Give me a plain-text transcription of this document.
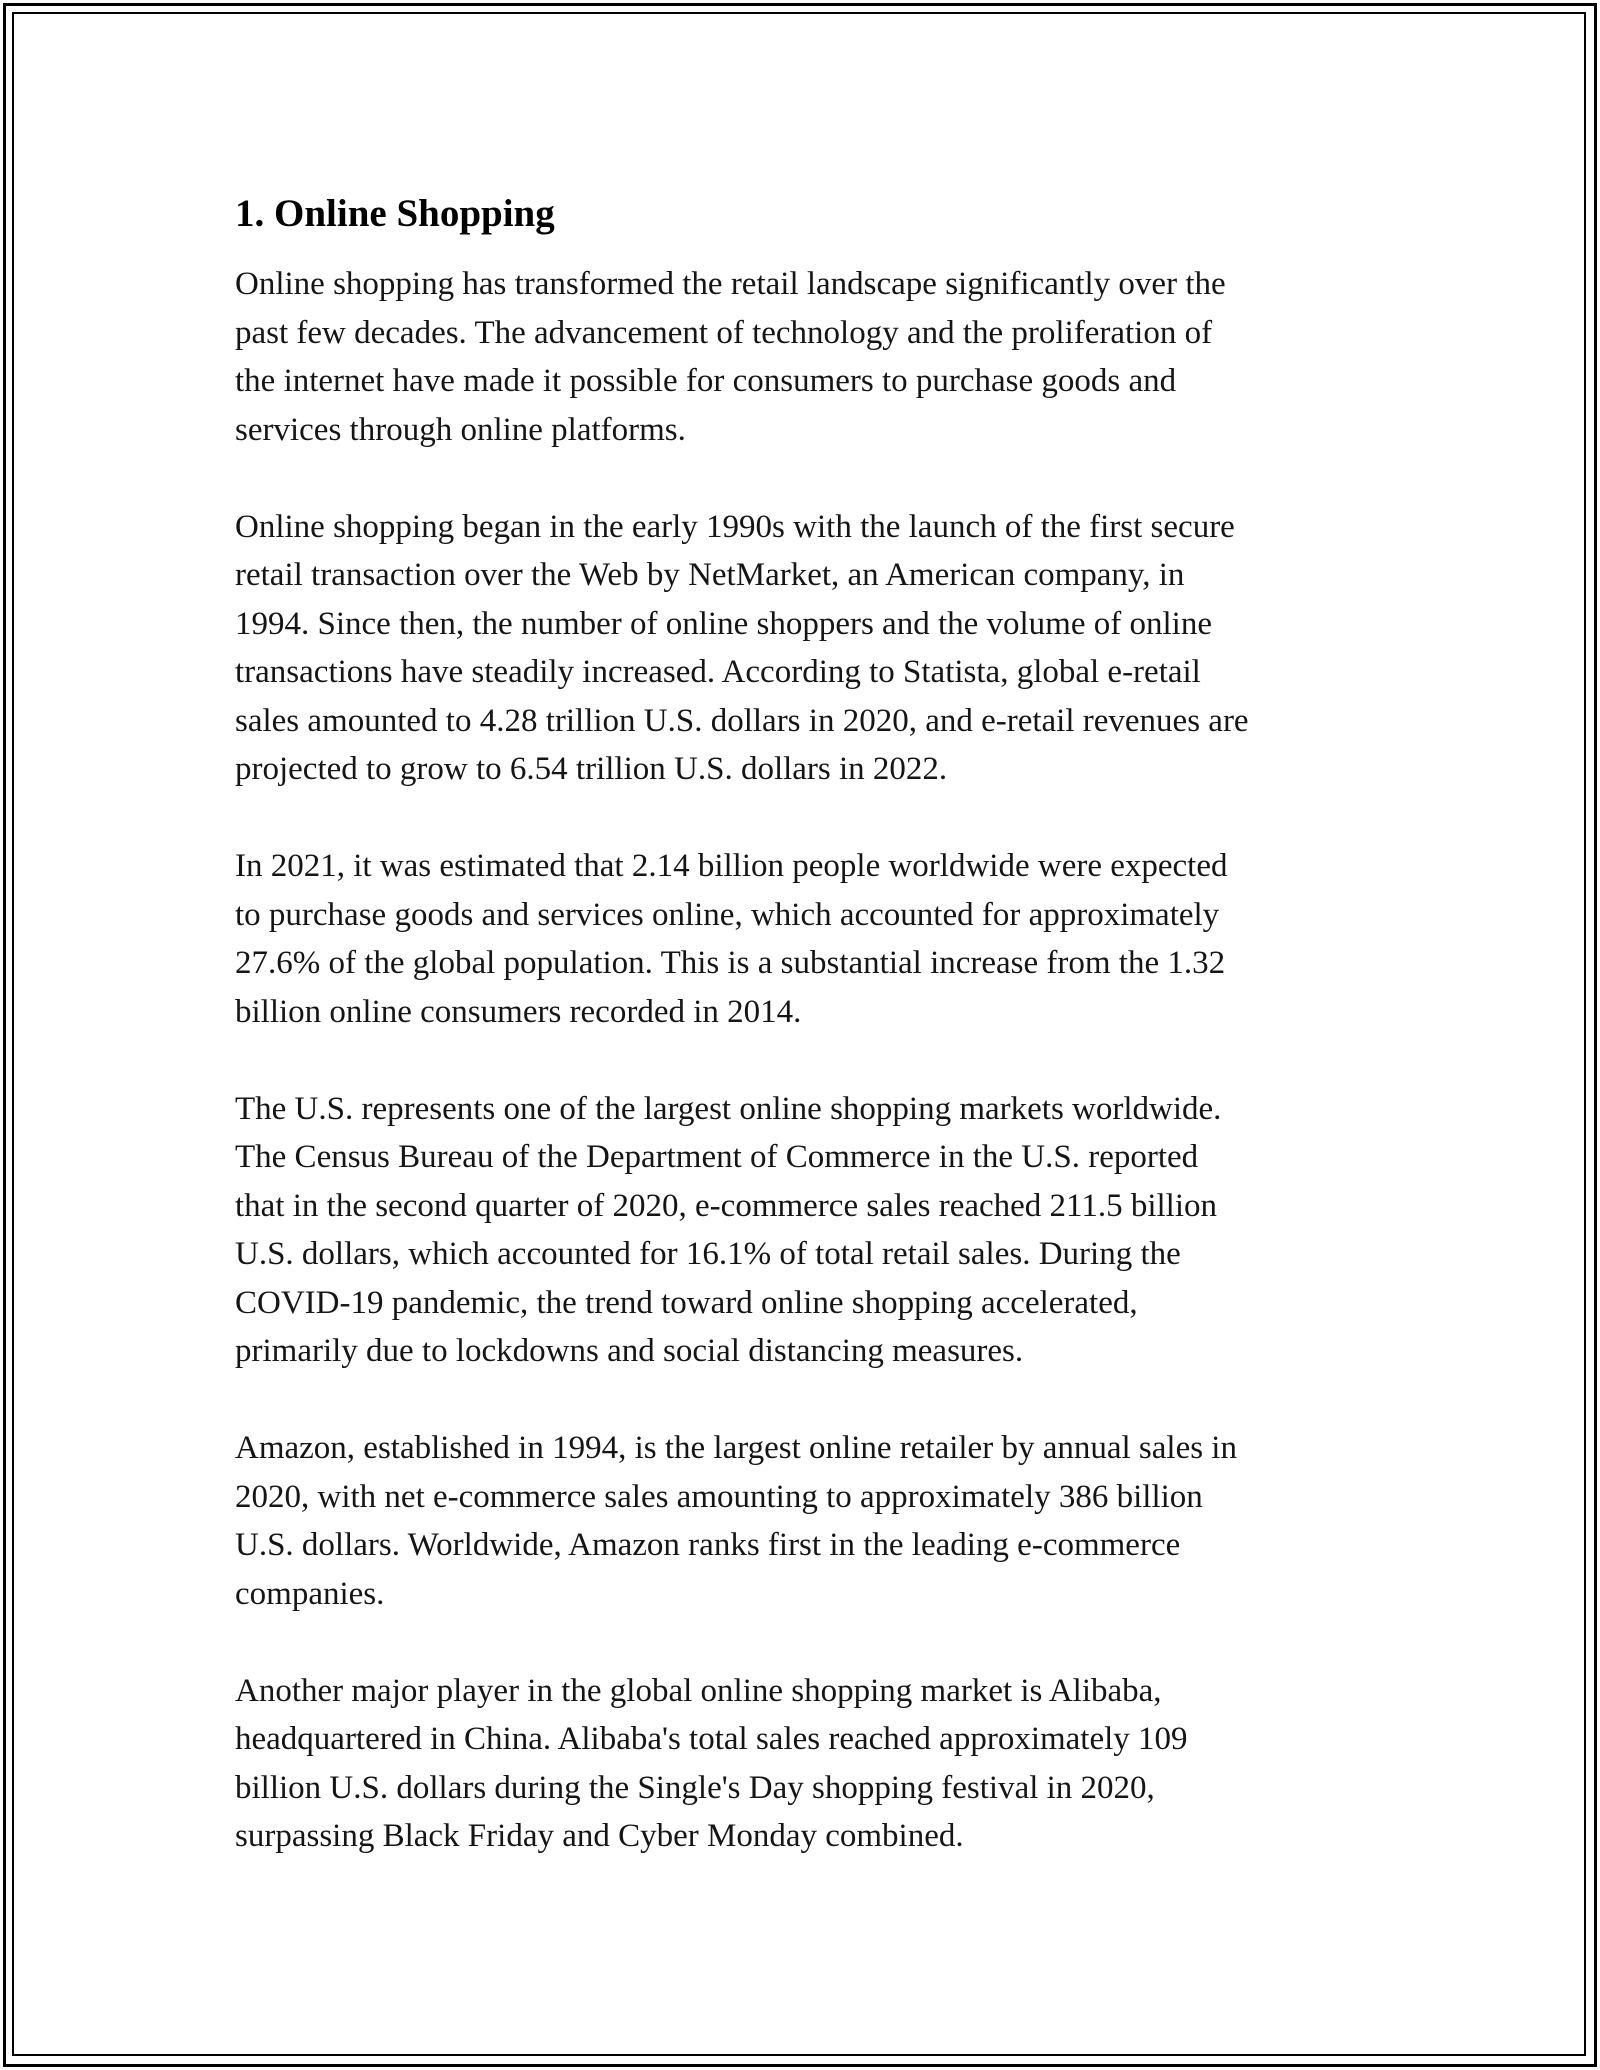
1. Online Shopping

Online shopping has transformed the retail landscape significantly over the
past few decades. The advancement of technology and the proliferation of
the internet have made it possible for consumers to purchase goods and
services through online platforms.

Online shopping began in the early 1990s with the launch of the first secure
retail transaction over the Web by NetMarket, an American company, in
1994. Since then, the number of online shoppers and the volume of online
transactions have steadily increased. According to Statista, global e-retail
sales amounted to 4.28 trillion U.S. dollars in 2020, and e-retail revenues are
projected to grow to 6.54 trillion U.S. dollars in 2022.

In 2021, it was estimated that 2.14 billion people worldwide were expected
to purchase goods and services online, which accounted for approximately
27.6% of the global population. This is a substantial increase from the 1.32
billion online consumers recorded in 2014.

The U.S. represents one of the largest online shopping markets worldwide.
The Census Bureau of the Department of Commerce in the U.S. reported
that in the second quarter of 2020, e-commerce sales reached 211.5 billion
U.S. dollars, which accounted for 16.1% of total retail sales. During the
COVID-19 pandemic, the trend toward online shopping accelerated,
primarily due to lockdowns and social distancing measures.

Amazon, established in 1994, is the largest online retailer by annual sales in
2020, with net e-commerce sales amounting to approximately 386 billion
U.S. dollars. Worldwide, Amazon ranks first in the leading e-commerce
companies.

Another major player in the global online shopping market is Alibaba,
headquartered in China. Alibaba's total sales reached approximately 109
billion U.S. dollars during the Single's Day shopping festival in 2020,
surpassing Black Friday and Cyber Monday combined.
